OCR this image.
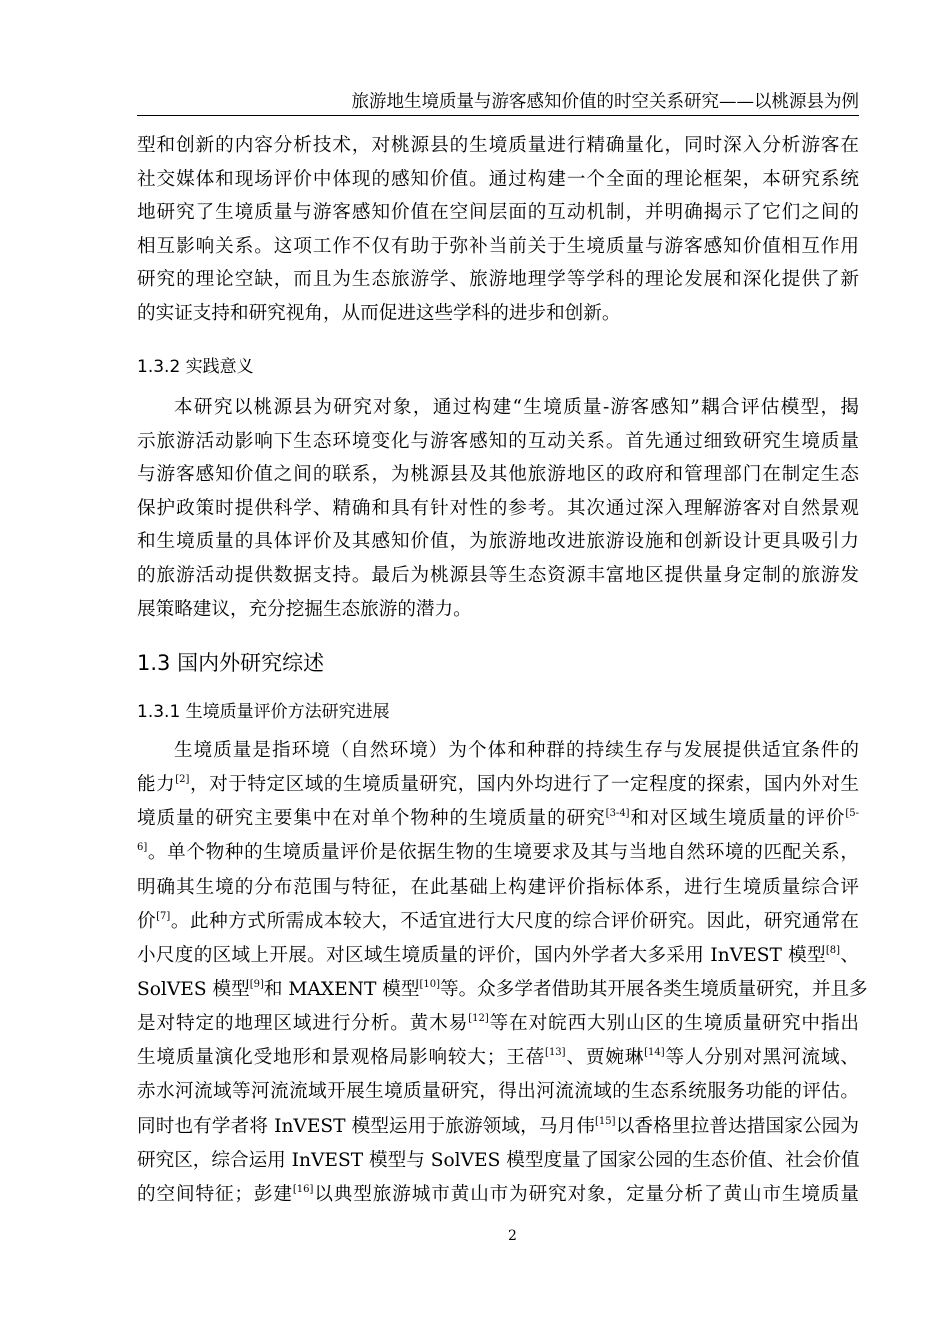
旅游地生境质量与游客感知价值的时空关系研究——以桃源县为例
型和创新的内容分析技术，对桃源县的生境质量进行精确量化，同时深入分析游客在
社交媒体和现场评价中体现的感知价值。通过构建一个全面的理论框架，本研究系统
地研究了生境质量与游客感知价值在空间层面的互动机制，并明确揭示了它们之间的
相互影响关系。这项工作不仅有助于弥补当前关于生境质量与游客感知价值相互作用
研究的理论空缺，而且为生态旅游学、旅游地理学等学科的理论发展和深化提供了新
的实证支持和研究视角，从而促进这些学科的进步和创新。
1.3.2 实践意义
本研究以桃源县为研究对象，通过构建“生境质量-游客感知”耦合评估模型，揭
示旅游活动影响下生态环境变化与游客感知的互动关系。首先通过细致研究生境质量
与游客感知价值之间的联系，为桃源县及其他旅游地区的政府和管理部门在制定生态
保护政策时提供科学、精确和具有针对性的参考。其次通过深入理解游客对自然景观
和生境质量的具体评价及其感知价值，为旅游地改进旅游设施和创新设计更具吸引力
的旅游活动提供数据支持。最后为桃源县等生态资源丰富地区提供量身定制的旅游发
展策略建议，充分挖掘生态旅游的潜力。
1.3 国内外研究综述
1.3.1 生境质量评价方法研究进展
生境质量是指环境（自然环境）为个体和种群的持续生存与发展提供适宜条件的
能力[2]，对于特定区域的生境质量研究，国内外均进行了一定程度的探索，国内外对生
境质量的研究主要集中在对单个物种的生境质量的研究[3-4]和对区域生境质量的评价$^{[5-}$
$^{6]}$。单个物种的生境质量评价是依据生物的生境要求及其与当地自然环境的匹配关系，
明确其生境的分布范围与特征，在此基础上构建评价指标体系，进行生境质量综合评
价[7]。此种方式所需成本较大，不适宜进行大尺度的综合评价研究。因此，研究通常在
小尺度的区域上开展。对区域生境质量的评价，国内外学者大多采用 InVEST 模型[8]、
SolVES 模型[9]和 MAXENT 模型[10]等。众多学者借助其开展各类生境质量研究，并且多
是对特定的地理区域进行分析。黄木易[12]等在对皖西大别山区的生境质量研究中指出
生境质量演化受地形和景观格局影响较大；王蓓[13]、贾婉琳[14]等人分别对黑河流域、
赤水河流域等河流流域开展生境质量研究，得出河流流域的生态系统服务功能的评估。
同时也有学者将 InVEST 模型运用于旅游领域，马月伟[15]以香格里拉普达措国家公园为
研究区，综合运用 InVEST 模型与 SolVES 模型度量了国家公园的生态价值、社会价值
的空间特征；彭建[16]以典型旅游城市黄山市为研究对象，定量分析了黄山市生境质量
2
